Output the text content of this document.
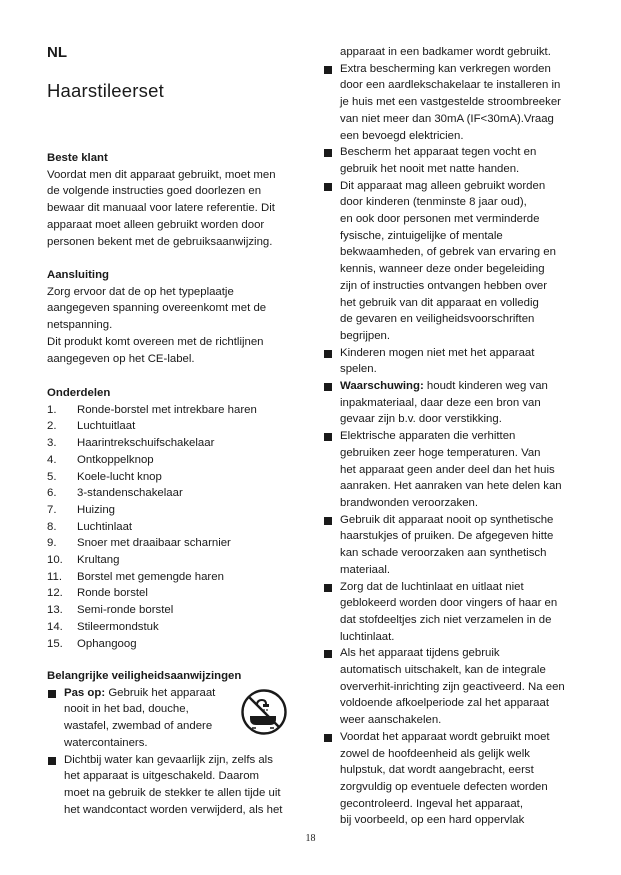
NL
Haarstileerset
Beste klant
Voordat men dit apparaat gebruikt, moet men
de volgende instructies goed doorlezen en
bewaar dit manuaal voor latere referentie. Dit
apparaat moet alleen gebruikt worden door
personen bekent met de gebruiksaanwijzing.
Aansluiting
Zorg ervoor dat de op het typeplaatje
aangegeven spanning overeenkomt met de
netspanning.
Dit produkt komt overeen met de richtlijnen
aangegeven op het CE-label.
Onderdelen
1.	Ronde-borstel met intrekbare haren
2.	Luchtuitlaat
3.	Haarintrekschuifschakelaar
4.	Ontkoppelknop
5.	Koele-lucht knop
6.	3-standenschakelaar
7.	Huizing
8.	Luchtinlaat
9.	Snoer met draaibaar scharnier
10.	Krultang
11.	Borstel met gemengde haren
12.	Ronde borstel
13.	Semi-ronde borstel
14.	Stileermondstuk
15.	Ophangoog
Belangrijke veiligheidsaanwijzingen
Pas op: Gebruik het apparaat
nooit in het bad, douche,
wastafel, zwembad of andere
watercontainers.
Dichtbij water kan gevaarlijk zijn, zelfs als
het apparaat is uitgeschakeld. Daarom
moet na gebruik de stekker te allen tijde uit
het wandcontact worden verwijderd, als het
apparaat in een badkamer wordt gebruikt.
Extra bescherming kan verkregen worden
door een aardlekschakelaar te installeren in
je huis met een vastgestelde stroombreeker
van niet meer dan 30mA (IF<30mA).Vraag
een bevoegd elektricien.
Bescherm het apparaat tegen vocht en
gebruik het nooit met natte handen.
Dit apparaat mag alleen gebruikt worden
door kinderen (tenminste 8 jaar oud),
en ook door personen met verminderde
fysische, zintuigelijke of mentale
bekwaamheden, of gebrek van ervaring en
kennis, wanneer deze onder begeleiding
zijn of instructies ontvangen hebben over
het gebruik van dit apparaat en volledig
de gevaren en veiligheidsvoorschriften
begrijpen.
Kinderen mogen niet met het apparaat
spelen.
Waarschuwing: houdt kinderen weg van
inpakmateriaal, daar deze een bron van
gevaar zijn b.v. door verstikking.
Elektrische apparaten die verhitten
gebruiken zeer hoge temperaturen. Van
het apparaat geen ander deel dan het huis
aanraken. Het aanraken van hete delen kan
brandwonden veroorzaken.
Gebruik dit apparaat nooit op synthetische
haarstukjes of pruiken. De afgegeven hitte
kan schade veroorzaken aan synthetisch
materiaal.
Zorg dat de luchtinlaat en uitlaat niet
geblokeerd worden door vingers of haar en
dat stofdeeltjes zich niet verzamelen in de
luchtinlaat.
Als het apparaat tijdens gebruik
automatisch uitschakelt, kan de integrale
oververhit-inrichting zijn geactiveerd. Na een
voldoende afkoelperiode zal het apparaat
weer aanschakelen.
Voordat het apparaat wordt gebruikt moet
zowel de hoofdeenheid als gelijk welk
hulpstuk, dat wordt aangebracht, eerst
zorgvuldig op eventuele defecten worden
gecontroleerd. Ingeval het apparaat,
bij voorbeeld, op een hard oppervlak
18
